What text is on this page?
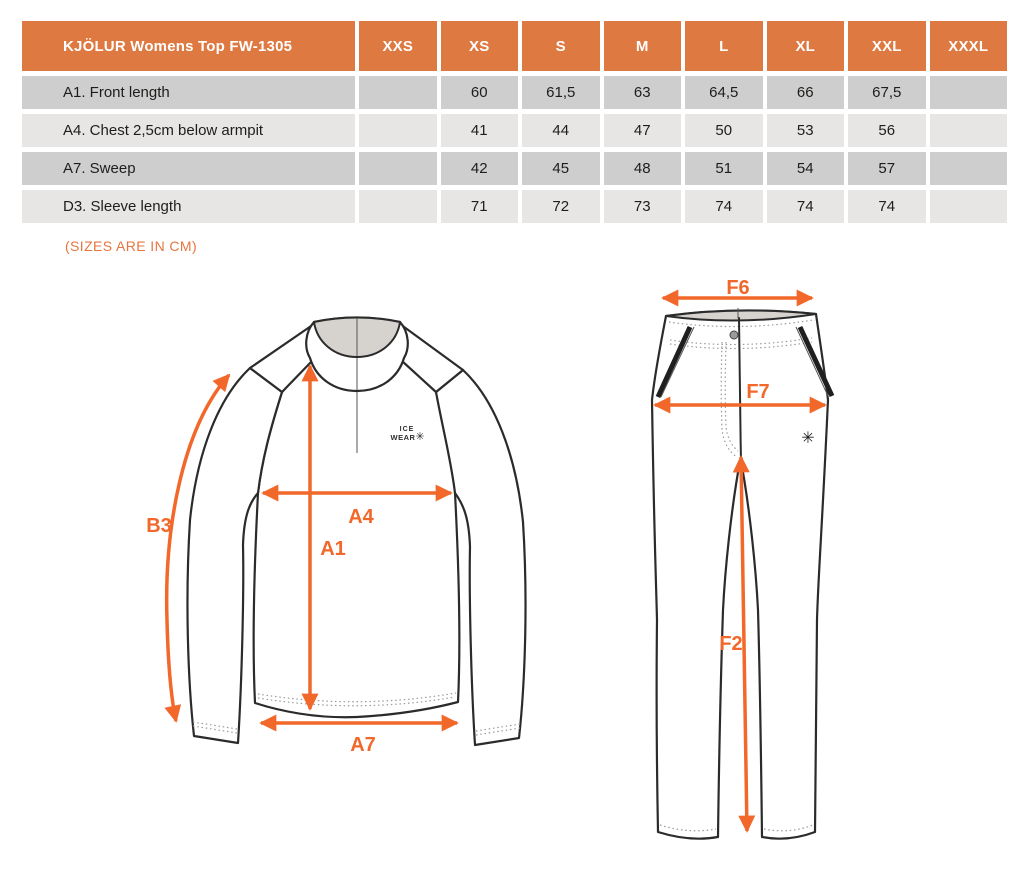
KJÖLUR Womens Top FW-1305	XXS	XS	S	M	L	XL	XXL	XXXL
A1. Front length		60	61,5	63	64,5	66	67,5	
A4. Chest 2,5cm below armpit		41	44	47	50	53	56	
A7. Sweep		42	45	48	51	54	57	
D3. Sleeve length		71	72	73	74	74	74	
(SIZES ARE IN CM)
ICE
WEAR ✳
B3
A1
A4
A7
✳
F6
F7
F2
